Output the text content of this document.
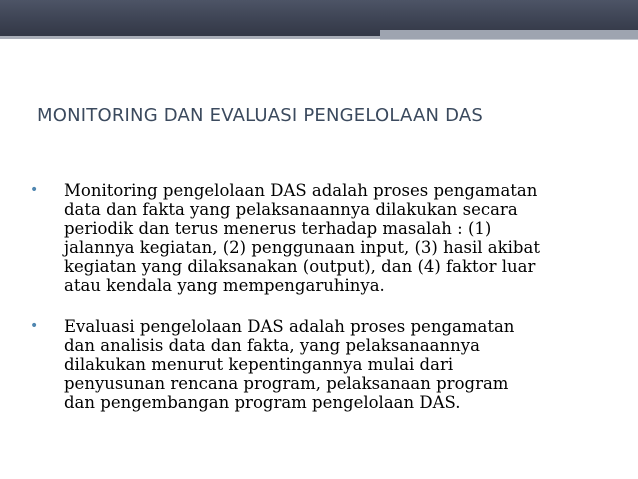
MONITORING DAN EVALUASI PENGELOLAAN DAS
•	Monitoring pengelolaan DAS adalah proses pengamatan
data dan fakta yang pelaksanaannya dilakukan secara
periodik dan terus menerus terhadap masalah : (1)
jalannya kegiatan, (2) penggunaan input, (3) hasil akibat
kegiatan yang dilaksanakan (output), dan (4) faktor luar
atau kendala yang mempengaruhinya.
•	Evaluasi pengelolaan DAS adalah proses pengamatan
dan analisis data dan fakta, yang pelaksanaannya
dilakukan menurut kepentingannya mulai dari
penyusunan rencana program, pelaksanaan program
dan pengembangan program pengelolaan DAS.
